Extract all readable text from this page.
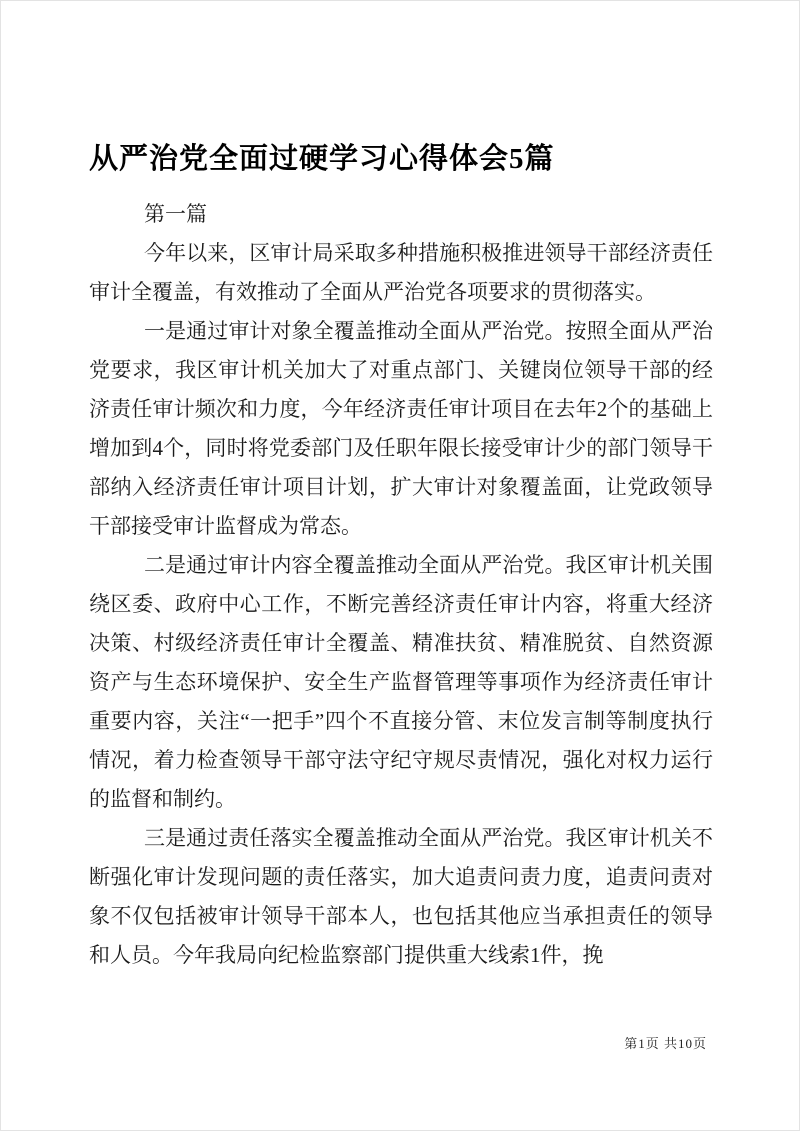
从严治党全面过硬学习心得体会5篇

第一篇

今年以来，区审计局采取多种措施积极推进领导干部经济责任审计全覆盖，有效推动了全面从严治党各项要求的贯彻落实。

一是通过审计对象全覆盖推动全面从严治党。按照全面从严治党要求，我区审计机关加大了对重点部门、关键岗位领导干部的经济责任审计频次和力度，今年经济责任审计项目在去年2个的基础上增加到4个，同时将党委部门及任职年限长接受审计少的部门领导干部纳入经济责任审计项目计划，扩大审计对象覆盖面，让党政领导干部接受审计监督成为常态。

二是通过审计内容全覆盖推动全面从严治党。我区审计机关围绕区委、政府中心工作，不断完善经济责任审计内容，将重大经济决策、村级经济责任审计全覆盖、精准扶贫、精准脱贫、自然资源资产与生态环境保护、安全生产监督管理等事项作为经济责任审计重要内容，关注“一把手”四个不直接分管、末位发言制等制度执行情况，着力检查领导干部守法守纪守规尽责情况，强化对权力运行的监督和制约。

三是通过责任落实全覆盖推动全面从严治党。我区审计机关不断强化审计发现问题的责任落实，加大追责问责力度，追责问责对象不仅包括被审计领导干部本人，也包括其他应当承担责任的领导和人员。今年我局向纪检监察部门提供重大线索1件，挽

第1页 共10页
